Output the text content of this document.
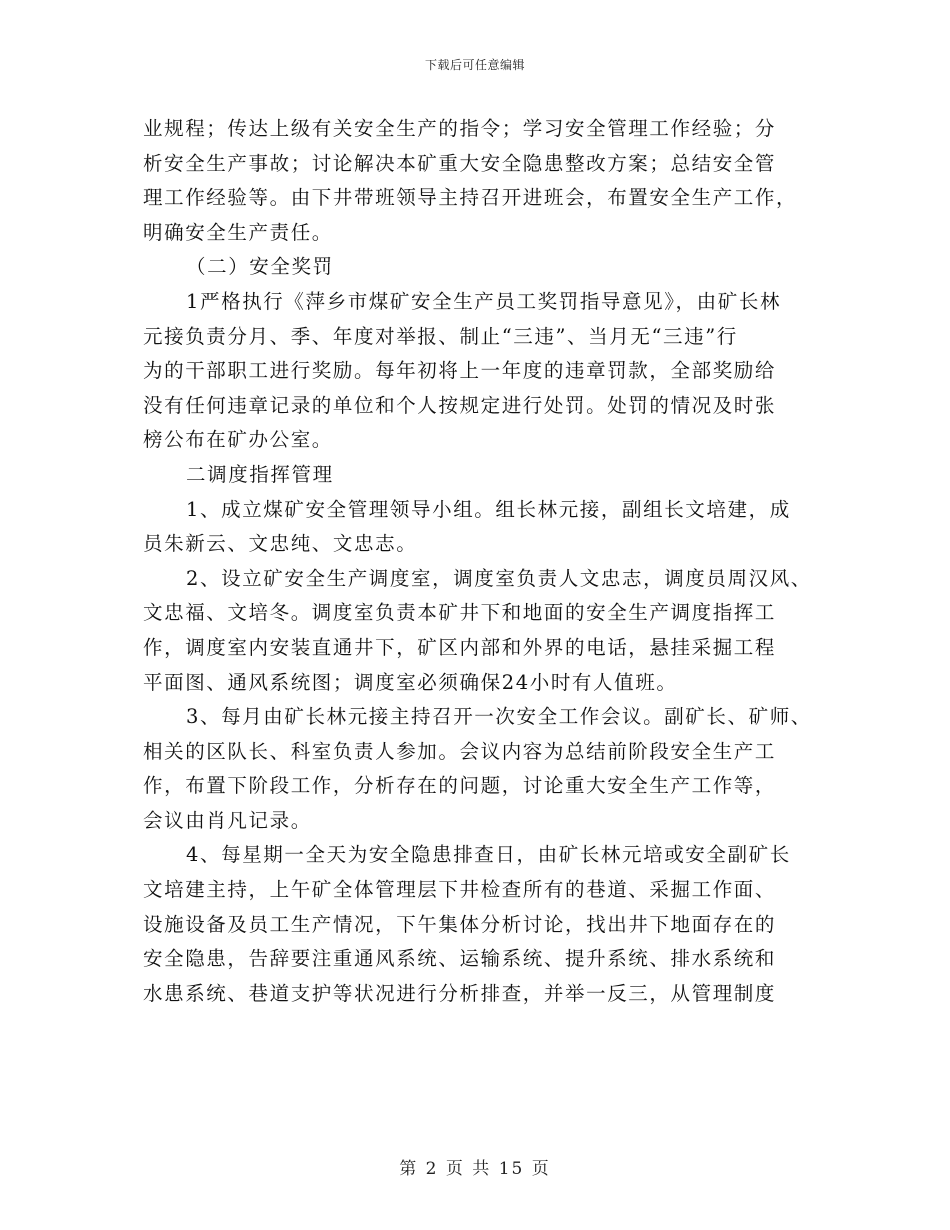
下载后可任意编辑
业规程；传达上级有关安全生产的指令；学习安全管理工作经验；分
析安全生产事故；讨论解决本矿重大安全隐患整改方案；总结安全管
理工作经验等。由下井带班领导主持召开进班会，布置安全生产工作，
明确安全生产责任。
（二）安全奖罚
1严格执行《萍乡市煤矿安全生产员工奖罚指导意见》，由矿长林
元接负责分月、季、年度对举报、制止“三违”、当月无“三违”行
为的干部职工进行奖励。每年初将上一年度的违章罚款，全部奖励给
没有任何违章记录的单位和个人按规定进行处罚。处罚的情况及时张
榜公布在矿办公室。
二调度指挥管理
1、成立煤矿安全管理领导小组。组长林元接，副组长文培建，成
员朱新云、文忠纯、文忠志。
2、设立矿安全生产调度室，调度室负责人文忠志，调度员周汉风、
文忠福、文培冬。调度室负责本矿井下和地面的安全生产调度指挥工
作，调度室内安装直通井下，矿区内部和外界的电话，悬挂采掘工程
平面图、通风系统图；调度室必须确保24小时有人值班。
3、每月由矿长林元接主持召开一次安全工作会议。副矿长、矿师、
相关的区队长、科室负责人参加。会议内容为总结前阶段安全生产工
作，布置下阶段工作，分析存在的问题，讨论重大安全生产工作等，
会议由肖凡记录。
4、每星期一全天为安全隐患排查日，由矿长林元培或安全副矿长
文培建主持，上午矿全体管理层下井检查所有的巷道、采掘工作面、
设施设备及员工生产情况，下午集体分析讨论，找出井下地面存在的
安全隐患，告辞要注重通风系统、运输系统、提升系统、排水系统和
水患系统、巷道支护等状况进行分析排查，并举一反三，从管理制度
第 2 页 共 15 页
